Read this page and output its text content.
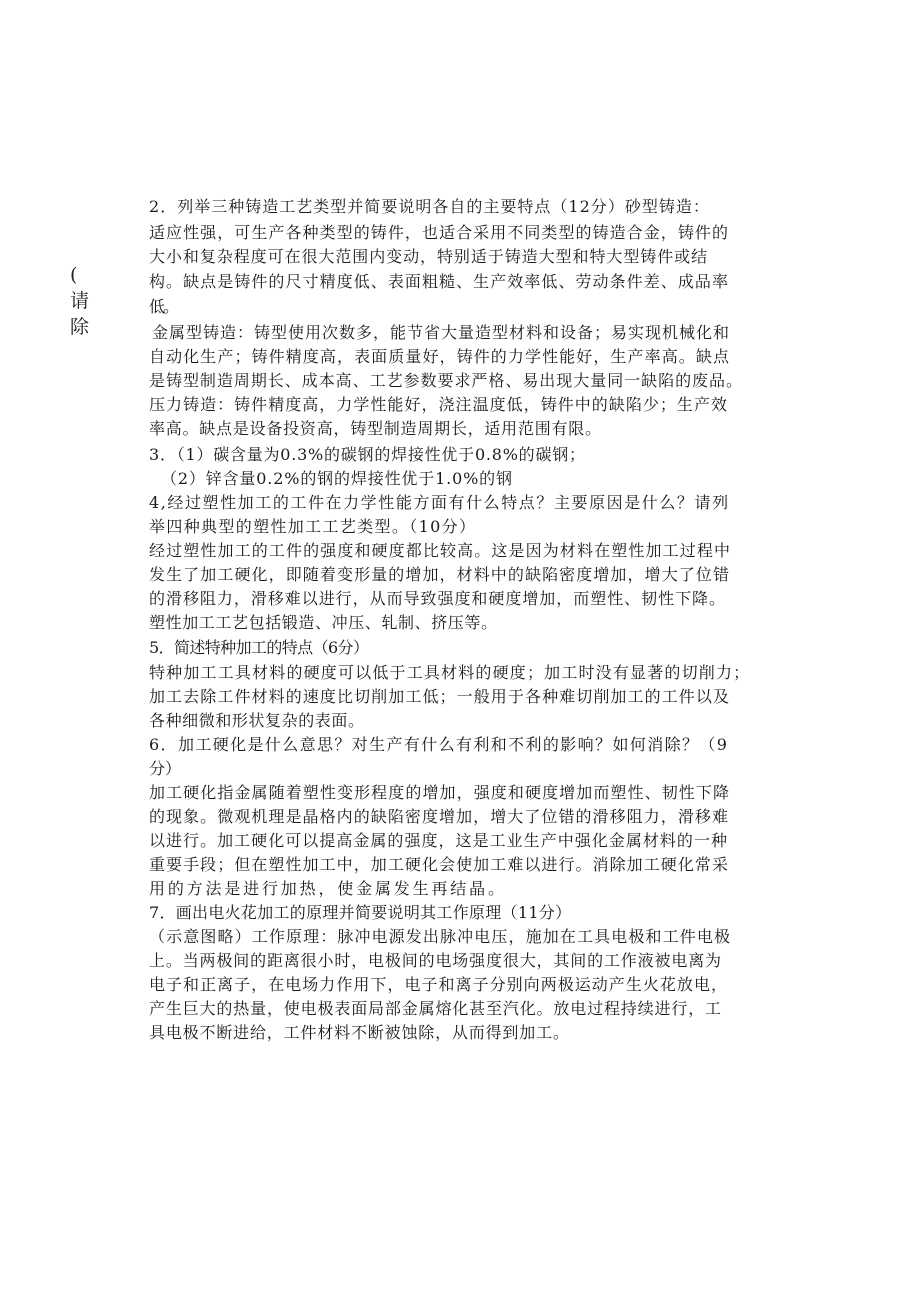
(
请
除
2．列举三种铸造工艺类型并简要说明各自的主要特点（12分）砂型铸造：
适应性强，可生产各种类型的铸件，也适合采用不同类型的铸造合金，铸件的
大小和复杂程度可在很大范围内变动，特别适于铸造大型和特大型铸件或结
构。缺点是铸件的尺寸精度低、表面粗糙、生产效率低、劳动条件差、成品率
低。
金属型铸造：铸型使用次数多，能节省大量造型材料和设备；易实现机械化和
自动化生产；铸件精度高，表面质量好，铸件的力学性能好，生产率高。缺点
是铸型制造周期长、成本高、工艺参数要求严格、易出现大量同一缺陷的废品。
压力铸造：铸件精度高，力学性能好，浇注温度低，铸件中的缺陷少；生产效
率高。缺点是设备投资高，铸型制造周期长，适用范围有限。
3．（1）碳含量为0.3%的碳钢的焊接性优于0.8%的碳钢；
（2）锌含量0.2%的钢的焊接性优于1.0%的钢
4,经过塑性加工的工件在力学性能方面有什么特点？主要原因是什么？请列
举四种典型的塑性加工工艺类型。（10分）
经过塑性加工的工件的强度和硬度都比较高。这是因为材料在塑性加工过程中
发生了加工硬化，即随着变形量的增加，材料中的缺陷密度增加，增大了位错
的滑移阻力，滑移难以进行，从而导致强度和硬度增加，而塑性、韧性下降。
塑性加工工艺包括锻造、冲压、轧制、挤压等。
5．简述特种加工的特点（6分）
特种加工工具材料的硬度可以低于工具材料的硬度；加工时没有显著的切削力；
加工去除工件材料的速度比切削加工低；一般用于各种难切削加工的工件以及
各种细微和形状复杂的表面。
6．加工硬化是什么意思？对生产有什么有利和不利的影响？如何消除？（9
分）
加工硬化指金属随着塑性变形程度的增加，强度和硬度增加而塑性、韧性下降
的现象。微观机理是晶格内的缺陷密度增加，增大了位错的滑移阻力，滑移难
以进行。加工硬化可以提高金属的强度，这是工业生产中强化金属材料的一种
重要手段；但在塑性加工中，加工硬化会使加工难以进行。消除加工硬化常采
用的方法是进行加热，使金属发生再结晶。
7．画出电火花加工的原理并简要说明其工作原理（11分）
（示意图略）工作原理：脉冲电源发出脉冲电压，施加在工具电极和工件电极
上。当两极间的距离很小时，电极间的电场强度很大，其间的工作液被电离为
电子和正离子，在电场力作用下，电子和离子分别向两极运动产生火花放电，
产生巨大的热量，使电极表面局部金属熔化甚至汽化。放电过程持续进行，工
具电极不断进给，工件材料不断被蚀除，从而得到加工。
